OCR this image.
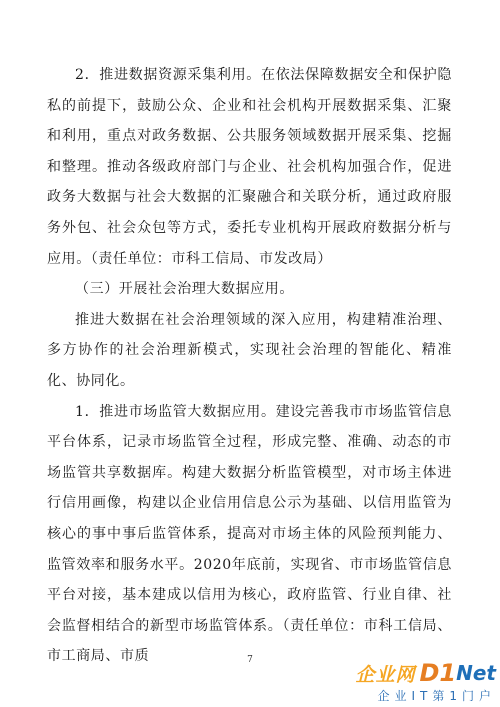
2．推进数据资源采集利用。在依法保障数据安全和保护隐私的前提下，鼓励公众、企业和社会机构开展数据采集、汇聚和利用，重点对政务数据、公共服务领域数据开展采集、挖掘和整理。推动各级政府部门与企业、社会机构加强合作，促进政务大数据与社会大数据的汇聚融合和关联分析，通过政府服务外包、社会众包等方式，委托专业机构开展政府数据分析与应用。（责任单位：市科工信局、市发改局）

（三）开展社会治理大数据应用。

推进大数据在社会治理领域的深入应用，构建精准治理、多方协作的社会治理新模式，实现社会治理的智能化、精准化、协同化。

1．推进市场监管大数据应用。建设完善我市市场监管信息平台体系，记录市场监管全过程，形成完整、准确、动态的市场监管共享数据库。构建大数据分析监管模型，对市场主体进行信用画像，构建以企业信用信息公示为基础、以信用监管为核心的事中事后监管体系，提高对市场主体的风险预判能力、监管效率和服务水平。2020年底前，实现省、市市场监管信息平台对接，基本建成以信用为核心，政府监管、行业自律、社会监督相结合的新型市场监管体系。（责任单位：市科工信局、市工商局、市质	7
企业网 D1 Net
企业IT第1门户
